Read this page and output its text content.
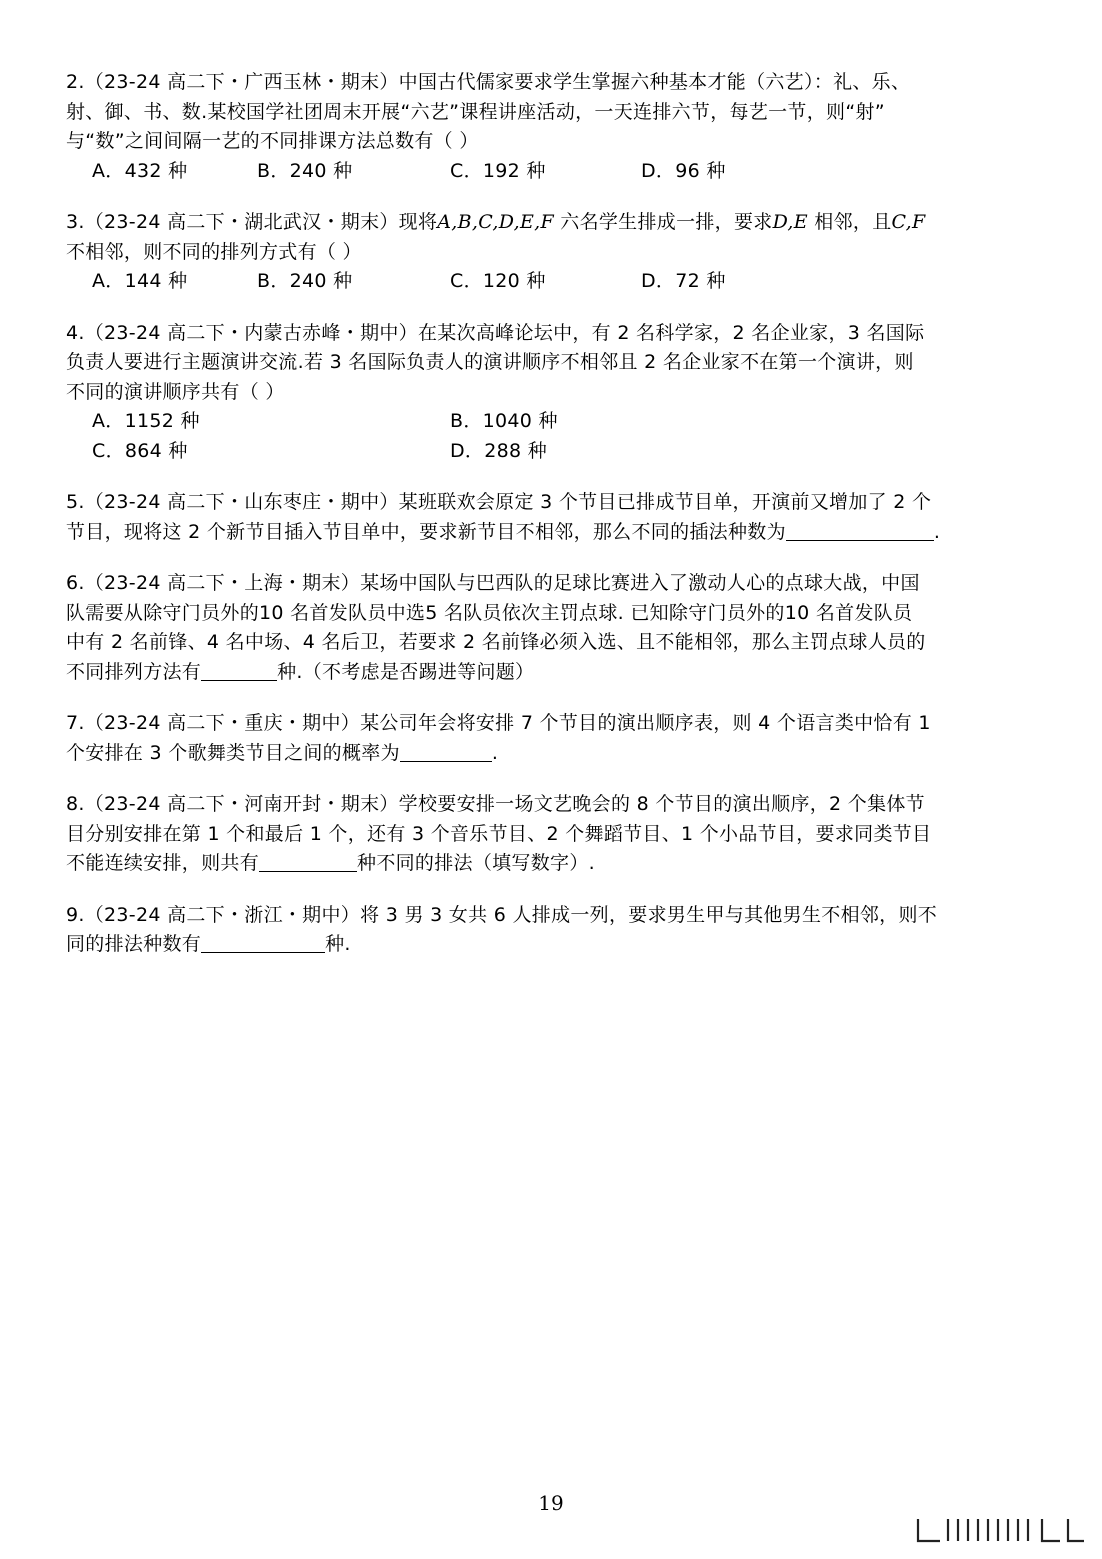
2.（23-24 高二下・广西玉林・期末）中国古代儒家要求学生掌握六种基本才能（六艺）：礼、乐、

射、御、书、数.某校国学社团周末开展“六艺”课程讲座活动，一天连排六节，每艺一节，则“射”

与“数”之间间隔一艺的不同排课方法总数有（ ）

A．432 种	B．240 种	C．192 种	D．96 种

3.（23-24 高二下・湖北武汉・期末）现将A,B,C,D,E,F 六名学生排成一排，要求D,E 相邻，且C,F

不相邻，则不同的排列方式有（ ）

A．144 种	B．240 种	C．120 种	D．72 种

4.（23-24 高二下・内蒙古赤峰・期中）在某次高峰论坛中，有 2 名科学家，2 名企业家，3 名国际

负责人要进行主题演讲交流.若 3 名国际负责人的演讲顺序不相邻且 2 名企业家不在第一个演讲，则

不同的演讲顺序共有（ ）

A．1152 种	B．1040 种
C．864 种	D．288 种

5.（23-24 高二下・山东枣庄・期中）某班联欢会原定 3 个节目已排成节目单，开演前又增加了 2 个

节目，现将这 2 个新节目插入节目单中，要求新节目不相邻，那么不同的插法种数为	.

6.（23-24 高二下・上海・期末）某场中国队与巴西队的足球比赛进入了激动人心的点球大战，中国

队需要从除守门员外的10 名首发队员中选5 名队员依次主罚点球. 已知除守门员外的10 名首发队员

中有 2 名前锋、4 名中场、4 名后卫，若要求 2 名前锋必须入选、且不能相邻，那么主罚点球人员的

不同排列方法有	种.（不考虑是否踢进等问题）

7.（23-24 高二下・重庆・期中）某公司年会将安排 7 个节目的演出顺序表，则 4 个语言类中恰有 1

个安排在 3 个歌舞类节目之间的概率为	.

8.（23-24 高二下・河南开封・期末）学校要安排一场文艺晚会的 8 个节目的演出顺序，2 个集体节

目分别安排在第 1 个和最后 1 个，还有 3 个音乐节目、2 个舞蹈节目、1 个小品节目，要求同类节目

不能连续安排，则共有	种不同的排法（填写数字）.

9.（23-24 高二下・浙江・期中）将 3 男 3 女共 6 人排成一列，要求男生甲与其他男生不相邻，则不

同的排法种数有	种.

19
